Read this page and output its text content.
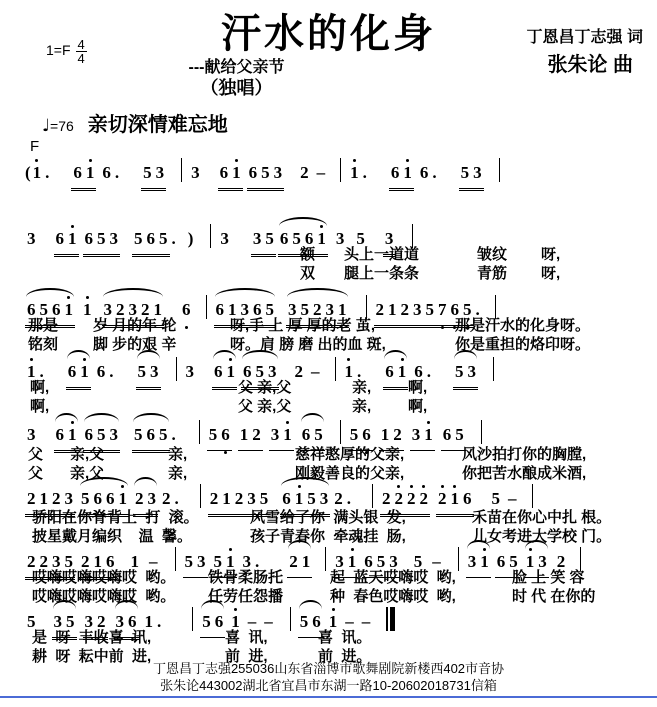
$1=F \frac{4}{4}$	汗水的化身	丁恩昌丁志强 词
张朱论 曲
---献给父亲节
（独唱）
♩=76 亲切深情难忘地
F
( 1 . 6 1 6 . 5 3 3 6 1 6 5 3 2 – 1 . 6 1 6 . 5 3
3 6 1 6 5 3 5 6 5 . ) 3 3 5 6 5 6 1 3 5 3
额 头上一道道	皱纹 呀,
双 腿上一条条	青筋 呀,
6 5 6 1 1 3 2 3 2 1 6 6 1 3 6 5 3 5 2 3 1 2 1 2 3 5 7 6 5 .
那是 岁 月的年 轮	呀,手 上 厚 厚的老 茧,	那是汗水的化身呀。
铭刻 脚 步的艰 辛	呀。肩 膀 磨 出的血 斑,	你是重担的烙印呀。
1 . 6 1 6 . 5 3 3 6 1 6 5 3 2 – 1 . 6 1 6 . 5 3
啊,	父 亲,父	亲, 啊,
啊,	父 亲,父	亲, 啊,
3 6 1 6 5 3 5 6 5 . 5 6 1 2 3 1 6 5 5 6 1 2 3 1 6 5
父 亲,父	亲,	慈祥憨厚的父亲,	风沙拍打你的胸膛,
父 亲,父	亲,	刚毅善良的父亲,	你把苦水酿成米酒,
2 1 2 3 5 6 6 1 2 3 2 . 2 1 2 3 5 6 1 5 3 2 . 2 2 2 2 2 1 6 5 –
骄阳在你脊背上  打  滚。	风雪给了你  满头银  发,	禾苗在你心中扎 根。
披星戴月编织    温  馨。	孩子青春你  牵魂挂  肠,	儿女考进大学校 门。
2 2 3 5 2 1 6 1 – 5 3 5 1 3 . 2 1 3 1 6 5 3 5 – 3 1 6 5 1 3 2
哎嗨哎嗨哎嗨哎  哟。 铁骨柔肠托	起  蓝天哎嗨哎  哟,	脸 上 笑 容
哎嗨哎嗨哎嗨哎  哟。 任劳任怨播	种  春色哎嗨哎  哟,	时 代 在你的
5 3 5 3 2 3 6 1 . 5 6 1 – – 5 6 1 – –
是  呀  丰收喜  讯,	喜  讯,	喜  讯。
耕  呀  耘中前  进,	前  进,	前  进。
丁恩昌丁志强255036山东省淄博市歌舞剧院新楼西402市音协
张朱论443002湖北省宜昌市东湖一路10-20602018731信箱
